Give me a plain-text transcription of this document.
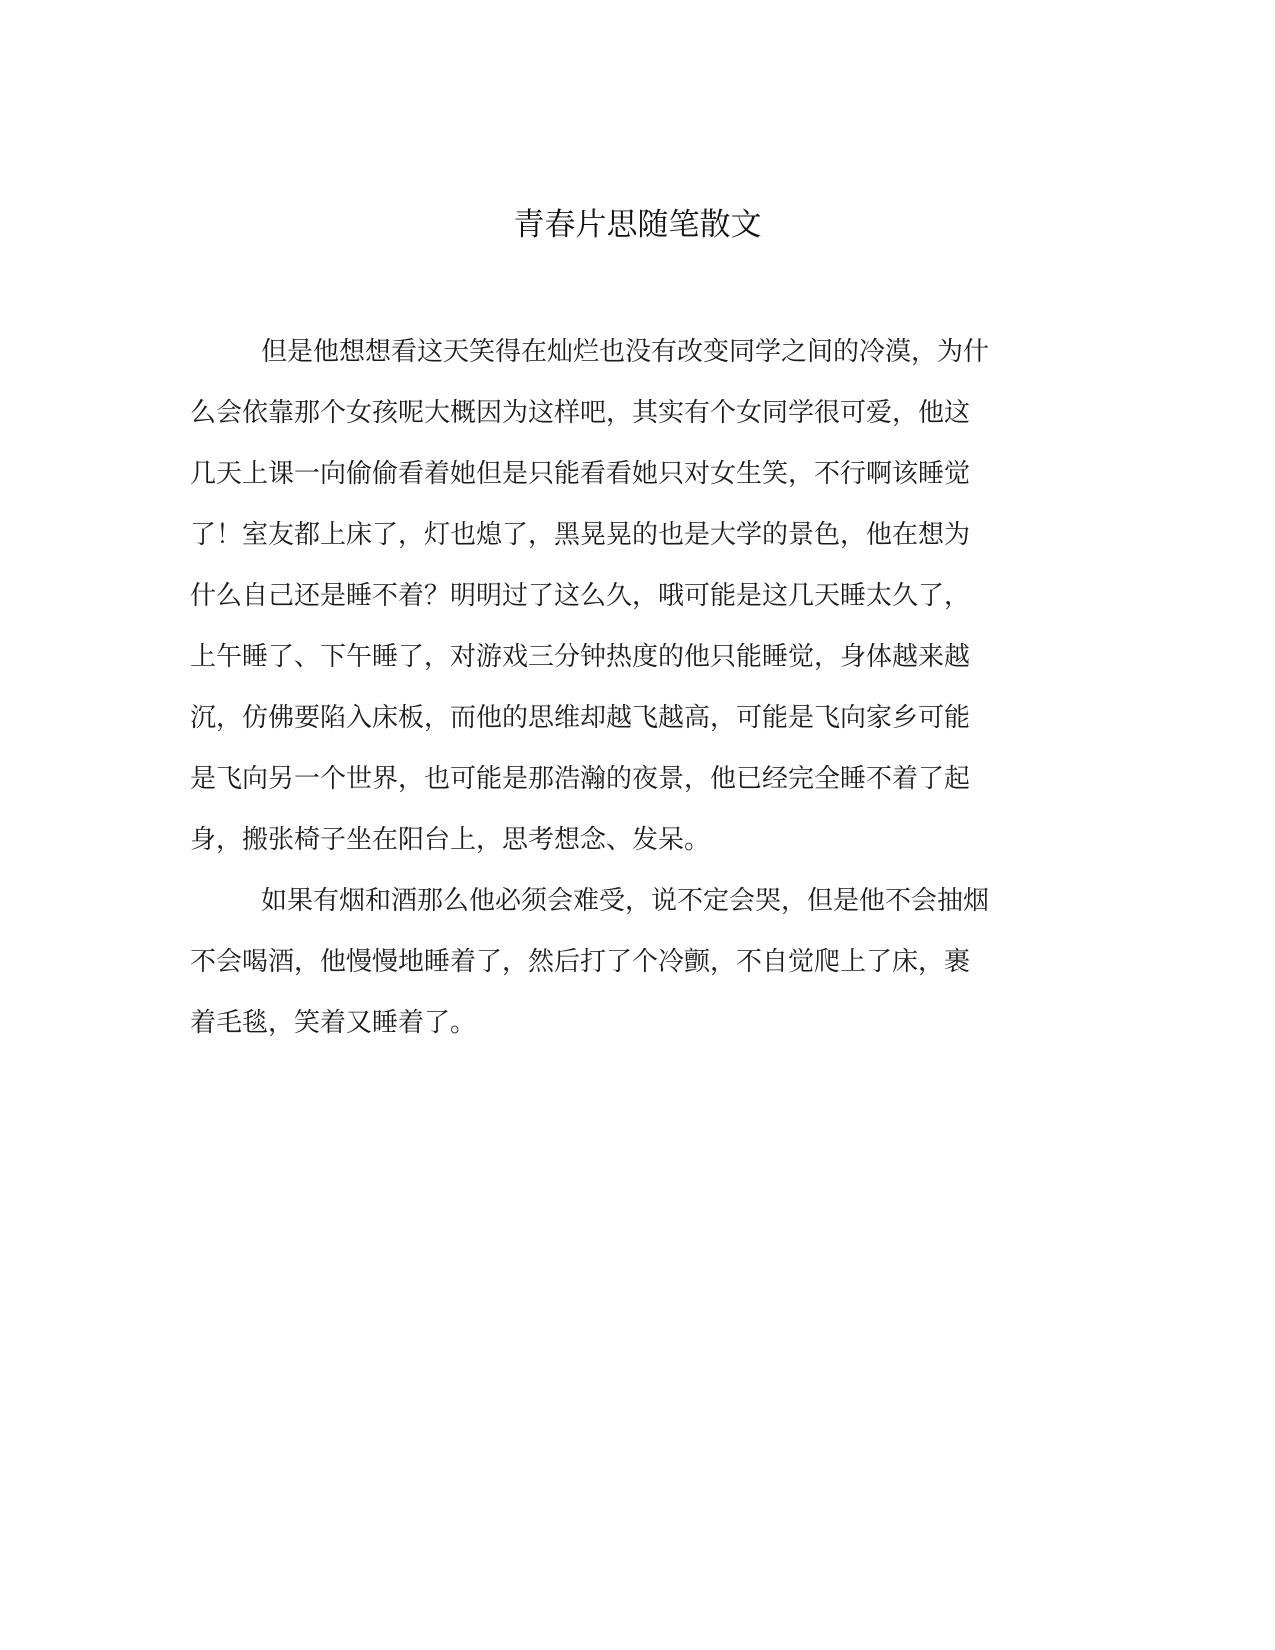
青春片思随笔散文
但是他想想看这天笑得在灿烂也没有改变同学之间的冷漠，为什
么会依靠那个女孩呢大概因为这样吧，其实有个女同学很可爱，他这
几天上课一向偷偷看着她但是只能看看她只对女生笑，不行啊该睡觉
了！室友都上床了，灯也熄了，黑晃晃的也是大学的景色，他在想为
什么自己还是睡不着？明明过了这么久，哦可能是这几天睡太久了，
上午睡了、下午睡了，对游戏三分钟热度的他只能睡觉，身体越来越
沉，仿佛要陷入床板，而他的思维却越飞越高，可能是飞向家乡可能
是飞向另一个世界，也可能是那浩瀚的夜景，他已经完全睡不着了起
身，搬张椅子坐在阳台上，思考想念、发呆。
如果有烟和酒那么他必须会难受，说不定会哭，但是他不会抽烟
不会喝酒，他慢慢地睡着了，然后打了个冷颤，不自觉爬上了床，裹
着毛毯，笑着又睡着了。
